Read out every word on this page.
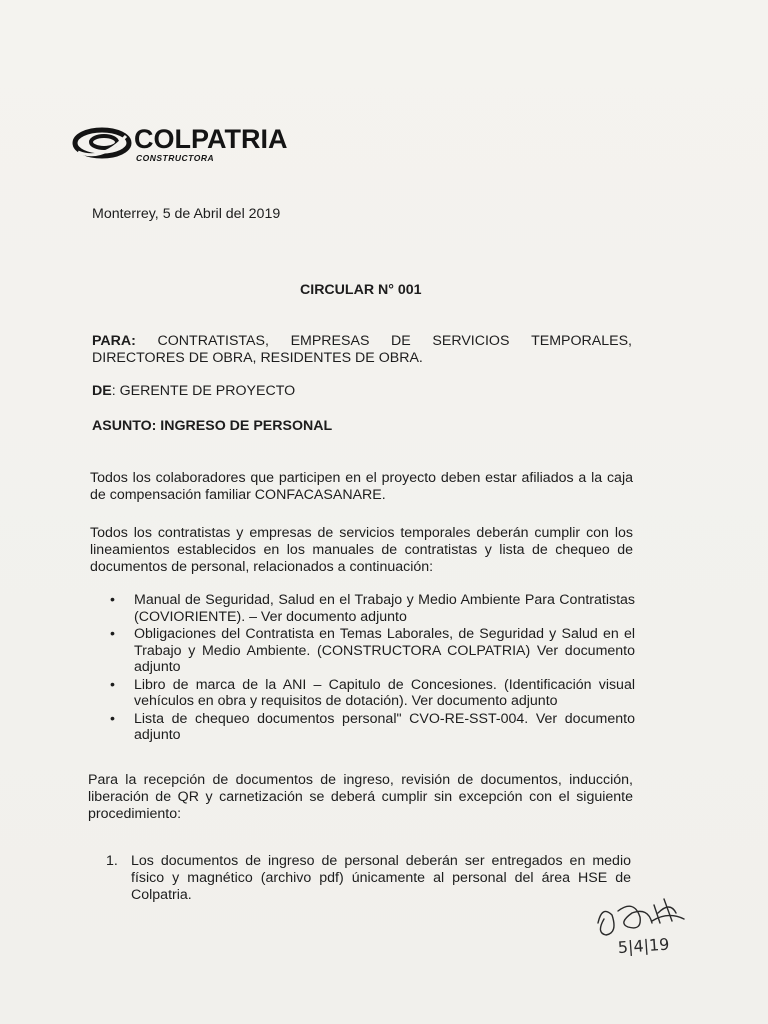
COLPATRIA
CONSTRUCTORA
Monterrey, 5 de Abril del 2019
CIRCULAR N° 001
PARA: CONTRATISTAS, EMPRESAS DE SERVICIOS TEMPORALES,
DIRECTORES DE OBRA, RESIDENTES DE OBRA.
DE: GERENTE DE PROYECTO
ASUNTO: INGRESO DE PERSONAL
Todos los colaboradores que participen en el proyecto deben estar afiliados a la caja de compensación familiar CONFACASANARE.
Todos los contratistas y empresas de servicios temporales deberán cumplir con los lineamientos establecidos en los manuales de contratistas y lista de chequeo de documentos de personal, relacionados a continuación:
• Manual de Seguridad, Salud en el Trabajo y Medio Ambiente Para Contratistas (COVIORIENTE). – Ver documento adjunto
• Obligaciones del Contratista en Temas Laborales, de Seguridad y Salud en el Trabajo y Medio Ambiente. (CONSTRUCTORA COLPATRIA) Ver documento adjunto
• Libro de marca de la ANI – Capitulo de Concesiones. (Identificación visual vehículos en obra y requisitos de dotación). Ver documento adjunto
• Lista de chequeo documentos personal" CVO-RE-SST-004. Ver documento adjunto
Para la recepción de documentos de ingreso, revisión de documentos, inducción, liberación de QR y carnetización se deberá cumplir sin excepción con el siguiente procedimiento:
1. Los documentos de ingreso de personal deberán ser entregados en medio físico y magnético (archivo pdf) únicamente al personal del área HSE de Colpatria.
5|4|19
